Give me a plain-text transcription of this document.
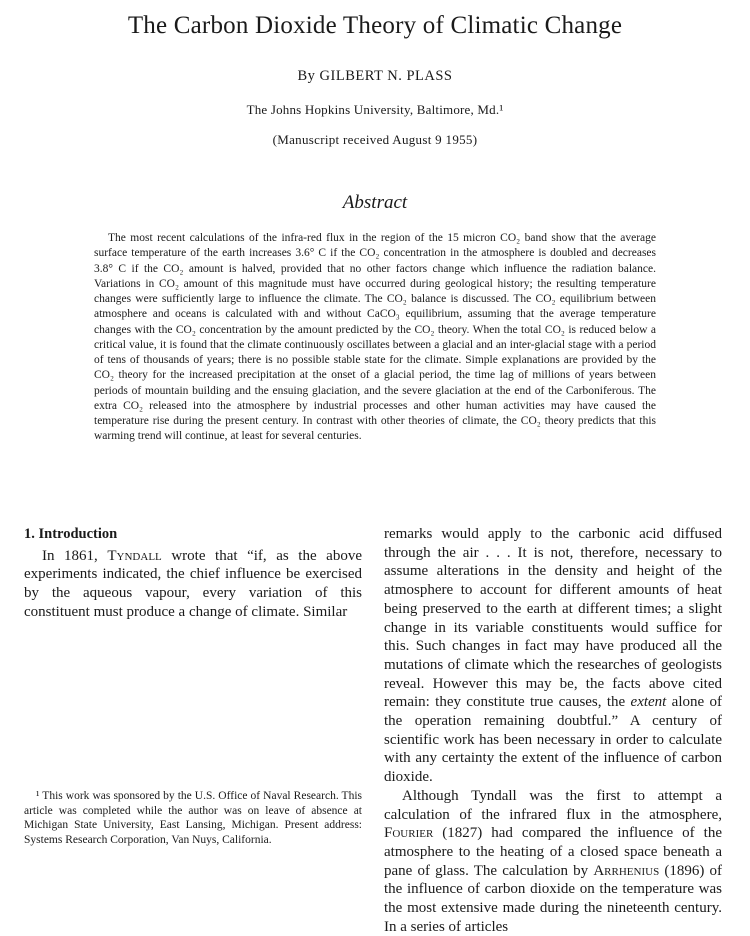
The Carbon Dioxide Theory of Climatic Change
By GILBERT N. PLASS
The Johns Hopkins University, Baltimore, Md.¹
(Manuscript received August 9 1955)
Abstract

The most recent calculations of the infra-red flux in the region of the 15 micron CO₂ band show that the average surface temperature of the earth increases 3.6° C if the CO₂ concentration in the atmosphere is doubled and decreases 3.8° C if the CO₂ amount is halved, provided that no other factors change which influence the radiation balance. Variations in CO₂ amount of this magnitude must have occurred during geological history; the resulting temperature changes were sufficiently large to influence the climate. The CO₂ balance is discussed. The CO₂ equilibrium between atmosphere and oceans is calculated with and without CaCO₃ equilibrium, assuming that the average temperature changes with the CO₂ concentration by the amount predicted by the CO₂ theory. When the total CO₂ is reduced below a critical value, it is found that the climate continuously oscillates between a glacial and an inter-glacial stage with a period of tens of thousands of years; there is no possible stable state for the climate. Simple explanations are provided by the CO₂ theory for the increased precipitation at the onset of a glacial period, the time lag of millions of years between periods of mountain building and the ensuing glaciation, and the severe glaciation at the end of the Carboniferous. The extra CO₂ released into the atmosphere by industrial processes and other human activities may have caused the temperature rise during the present century. In contrast with other theories of climate, the CO₂ theory predicts that this warming trend will continue, at least for several centuries.

1. Introduction

In 1861, Tyndall wrote that “if, as the above experiments indicated, the chief influence be exercised by the aqueous vapour, every variation of this constituent must produce a change of climate. Similar

¹ This work was sponsored by the U.S. Office of Naval Research. This article was completed while the author was on leave of absence at Michigan State University, East Lansing, Michigan. Present address: Systems Research Corporation, Van Nuys, California.

remarks would apply to the carbonic acid diffused through the air . . . It is not, therefore, necessary to assume alterations in the density and height of the atmosphere to account for different amounts of heat being preserved to the earth at different times; a slight change in its variable constituents would suffice for this. Such changes in fact may have produced all the mutations of climate which the researches of geologists reveal. However this may be, the facts above cited remain: they constitute true causes, the extent alone of the operation remaining doubtful.” A century of scientific work has been necessary in order to calculate with any certainty the extent of the influence of carbon dioxide.

Although Tyndall was the first to attempt a calculation of the infrared flux in the atmosphere, Fourier (1827) had compared the influence of the atmosphere to the heating of a closed space beneath a pane of glass. The calculation by Arrhenius (1896) of the influence of carbon dioxide on the temperature was the most extensive made during the nineteenth century. In a series of articles
